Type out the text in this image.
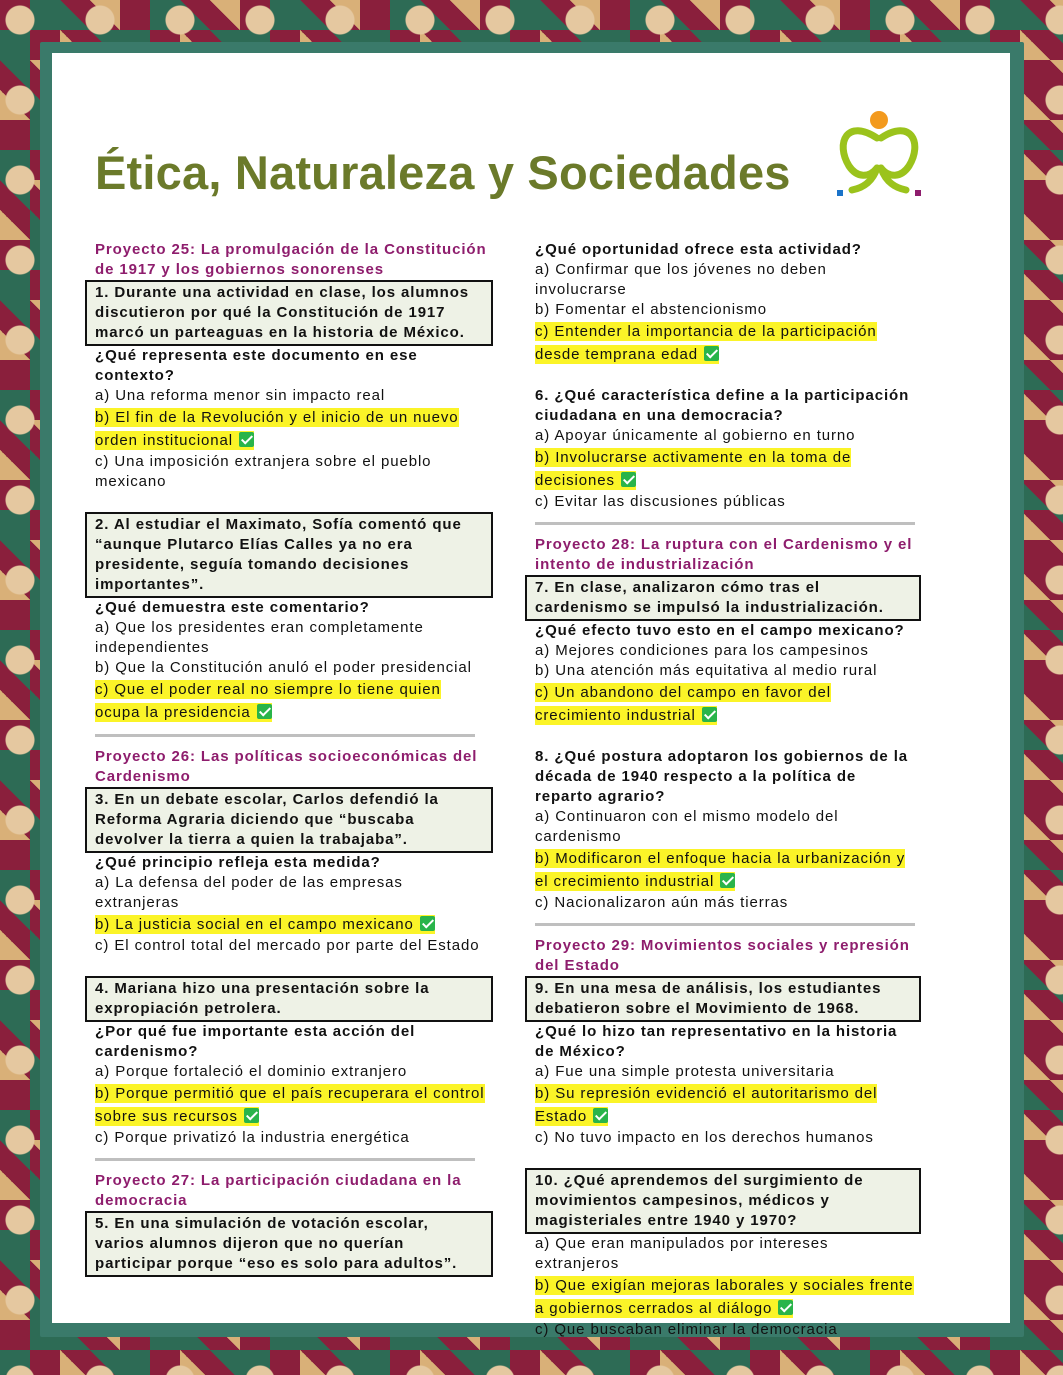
Ética, Naturaleza y Sociedades

Proyecto 25: La promulgación de la Constitución de 1917 y los gobiernos sonorenses

1. Durante una actividad en clase, los alumnos discutieron por qué la Constitución de 1917 marcó un parteaguas en la historia de México.

¿Qué representa este documento en ese contexto?

a) Una reforma menor sin impacto real

b) El fin de la Revolución y el inicio de un nuevo orden institucional

c) Una imposición extranjera sobre el pueblo mexicano

2. Al estudiar el Maximato, Sofía comentó que “aunque Plutarco Elías Calles ya no era presidente, seguía tomando decisiones importantes”.

¿Qué demuestra este comentario?

a) Que los presidentes eran completamente independientes

b) Que la Constitución anuló el poder presidencial

c) Que el poder real no siempre lo tiene quien ocupa la presidencia

Proyecto 26: Las políticas socioeconómicas del Cardenismo

3. En un debate escolar, Carlos defendió la Reforma Agraria diciendo que “buscaba devolver la tierra a quien la trabajaba”.

¿Qué principio refleja esta medida?

a) La defensa del poder de las empresas extranjeras

b) La justicia social en el campo mexicano

c) El control total del mercado por parte del Estado

4. Mariana hizo una presentación sobre la expropiación petrolera.

¿Por qué fue importante esta acción del cardenismo?

a) Porque fortaleció el dominio extranjero

b) Porque permitió que el país recuperara el control sobre sus recursos

c) Porque privatizó la industria energética

Proyecto 27: La participación ciudadana en la democracia

5. En una simulación de votación escolar, varios alumnos dijeron que no querían participar porque “eso es solo para adultos”.

¿Qué oportunidad ofrece esta actividad?

a) Confirmar que los jóvenes no deben involucrarse

b) Fomentar el abstencionismo

c) Entender la importancia de la participación desde temprana edad

6. ¿Qué característica define a la participación ciudadana en una democracia?

a) Apoyar únicamente al gobierno en turno

b) Involucrarse activamente en la toma de decisiones

c) Evitar las discusiones públicas

Proyecto 28: La ruptura con el Cardenismo y el intento de industrialización

7. En clase, analizaron cómo tras el cardenismo se impulsó la industrialización.

¿Qué efecto tuvo esto en el campo mexicano?

a) Mejores condiciones para los campesinos

b) Una atención más equitativa al medio rural

c) Un abandono del campo en favor del crecimiento industrial

8. ¿Qué postura adoptaron los gobiernos de la década de 1940 respecto a la política de reparto agrario?

a) Continuaron con el mismo modelo del cardenismo

b) Modificaron el enfoque hacia la urbanización y el crecimiento industrial

c) Nacionalizaron aún más tierras

Proyecto 29: Movimientos sociales y represión del Estado

9. En una mesa de análisis, los estudiantes debatieron sobre el Movimiento de 1968.

¿Qué lo hizo tan representativo en la historia de México?

a) Fue una simple protesta universitaria

b) Su represión evidenció el autoritarismo del Estado

c) No tuvo impacto en los derechos humanos

10. ¿Qué aprendemos del surgimiento de movimientos campesinos, médicos y magisteriales entre 1940 y 1970?

a) Que eran manipulados por intereses extranjeros

b) Que exigían mejoras laborales y sociales frente a gobiernos cerrados al diálogo

c) Que buscaban eliminar la democracia
